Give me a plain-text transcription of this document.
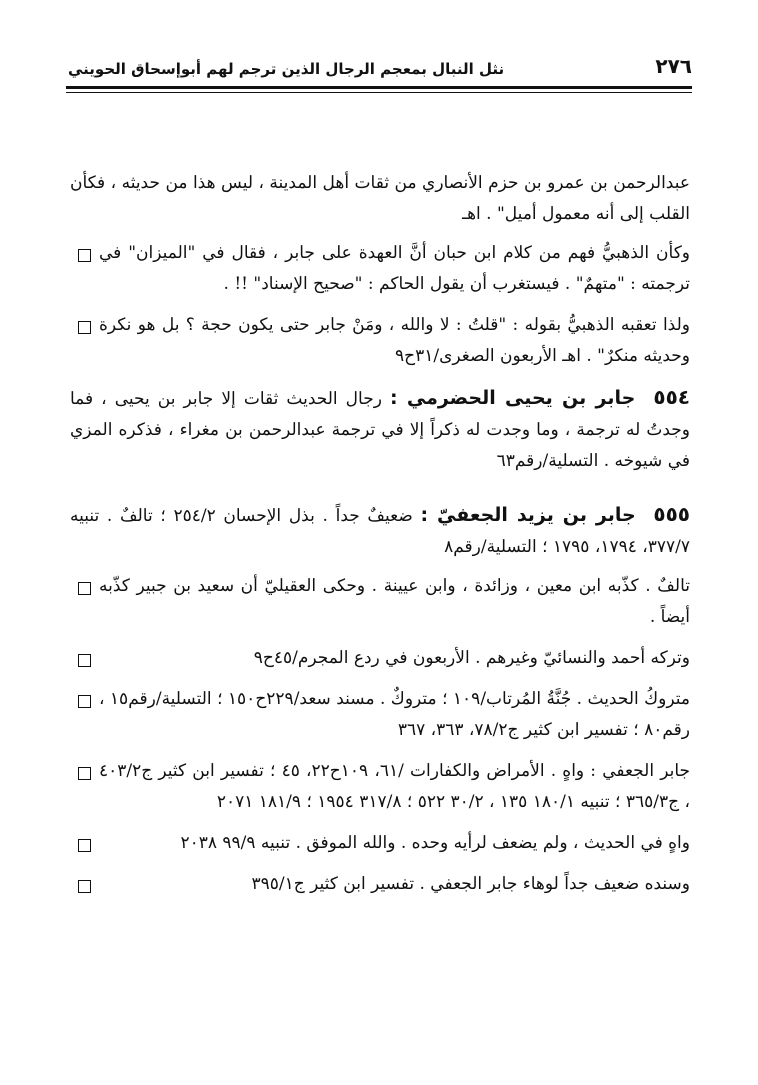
٢٧٦
نثل النبال بمعجم الرجال الذين ترجم لهم أبوإسحاق الحويني

عبدالرحمن بن عمرو بن حزم الأنصاري من ثقات أهل المدينة ، ليس هذا من حديثه ، فكأن القلب إلى أنه معمول أميل" . اهـ

وكأن الذهبيُّ فهم من كلام ابن حبان أنَّ العهدة على جابر ، فقال في "الميزان" في ترجمته : "متهمٌ" . فيستغرب أن يقول الحاكم : "صحيح الإسناد" !! .
ولذا تعقبه الذهبيُّ بقوله : "قلتُ : لا والله ، ومَنْ جابر حتى يكون حجة ؟ بل هو نكرة وحديثه منكرٌ" . اهـ الأربعون الصغرى/٣١ح٩

٥٥٤ جابر بن يحيى الحضرمي : رجال الحديث ثقات إلا جابر بن يحيى ، فما وجدتُ له ترجمة ، وما وجدت له ذكراً إلا في ترجمة عبدالرحمن بن مغراء ، فذكره المزي في شيوخه . التسلية/رقم٦٣

٥٥٥ جابر بن يزيد الجعفيّ : ضعيفٌ جداً . بذل الإحسان ٢٥٤/٢ ؛ تالفٌ . تنبيه ٣٧٧/٧، ١٧٩٤، ١٧٩٥ ؛ التسلية/رقم٨

تالفٌ . كذّبه ابن معين ، وزائدة ، وابن عيينة . وحكى العقيليّ أن سعيد بن جبير كذّبه أيضاً .
وتركه أحمد والنسائيّ وغيرهم . الأربعون في ردع المجرم/٤٥ح٩
متروكُ الحديث . جُنَّةُ المُرتاب/١٠٩ ؛ متروكٌ . مسند سعد/٢٢٩ح١٥٠ ؛ التسلية/رقم١٥ ، رقم٨٠ ؛ تفسير ابن كثير ج٧٨/٢، ٣٦٣، ٣٦٧
جابر الجعفي : واهٍ . الأمراض والكفارات /٦١، ١٠٩ح٢٢، ٤٥ ؛ تفسير ابن كثير ج٤٠٣/٢ ، ج٣٦٥/٣ ؛ تنبيه ١٨٠/١ ١٣٥ ، ٣٠/٢ ٥٢٢ ؛ ٣١٧/٨ ١٩٥٤ ؛ ١٨١/٩ ٢٠٧١
واهٍ في الحديث ، ولم يضعف لرأيه وحده . والله الموفق . تنبيه ٩٩/٩ ٢٠٣٨
وسنده ضعيف جداً لوهاء جابر الجعفي . تفسير ابن كثير ج٣٩٥/١
